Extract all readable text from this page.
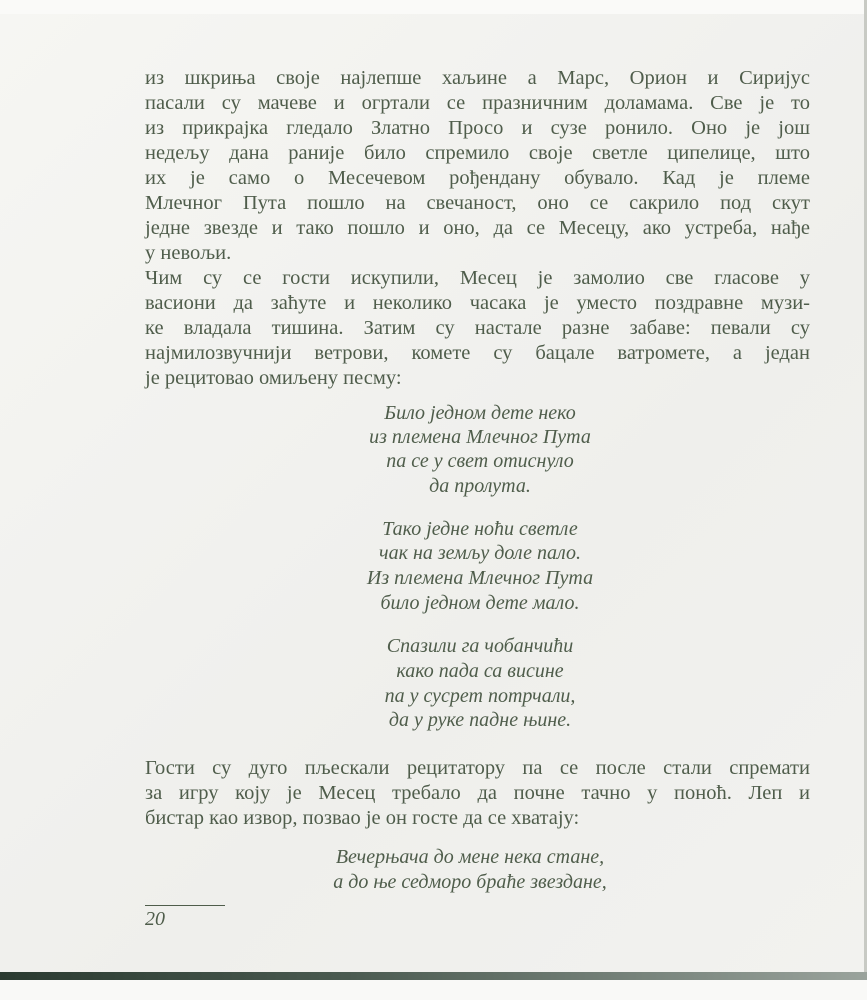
из шкриња своје најлепше хаљине а Марс, Орион и Сиријус
пасали су мачеве и огртали се празничним доламама. Све је то
из прикрајка гледало Златно Просо и сузе ронило. Оно је још
недељу дана раније било спремило своје светле ципелице, што
их је само о Месечевом рођендану обувало. Кад је племе
Млечног Пута пошло на свечаност, оно се сакрило под скут
једне звезде и тако пошло и оно, да се Месецу, ако устреба, нађе
у невољи.
Чим су се гости искупили, Месец је замолио све гласове у
васиони да заћуте и неколико часака је уместо поздравне музи-
ке владала тишина. Затим су настале разне забаве: певали су
најмилозвучнији ветрови, комете су бацале ватромете, а један
је рецитовао омиљену песму:
Било једном дете неко
из племена Млечног Пута
па се у свет отиснуло
да пролута.
Тако једне ноћи светле
чак на земљу доле пало.
Из племена Млечног Пута
било једном дете мало.
Спазили га чобанчићи
како пада са висине
па у сусрет потрчали,
да у руке падне њине.
Гости су дуго пљескали рецитатору па се после стали спремати
за игру коју је Месец требало да почне тачно у поноћ. Леп и
бистар као извор, позвао је он госте да се хватају:
Вечерњача до мене нека стане,
а до ње седморо браће звездане,
20
